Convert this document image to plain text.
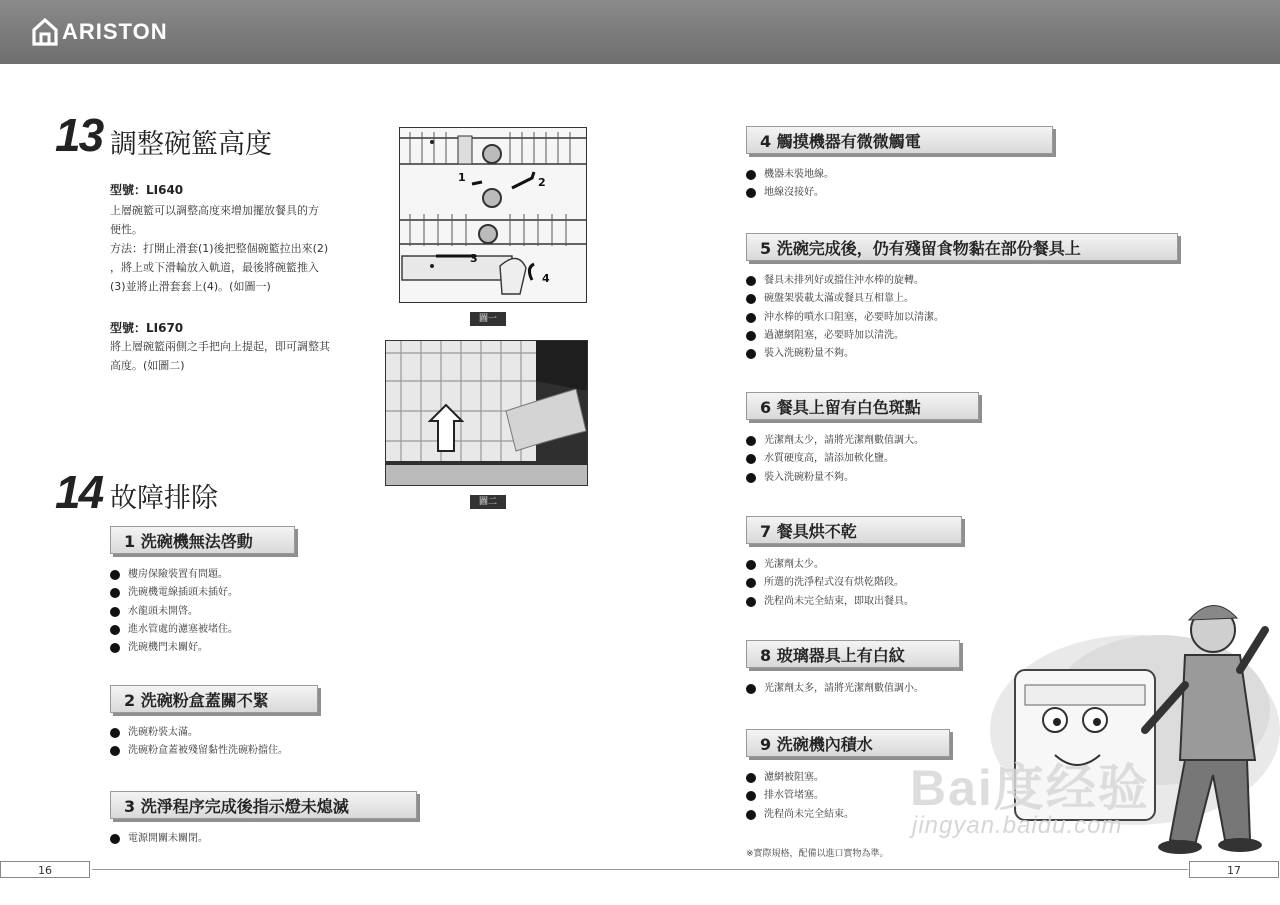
ARISTON
13 調整碗籃高度
型號：LI640
上層碗籃可以調整高度來增加擺放餐具的方
便性。
方法：打開止滑套(1)後把整個碗籃拉出來(2)
，將上或下滑輪放入軌道，最後將碗籃推入
(3)並將止滑套套上(4)。(如圖一)
型號：LI670
將上層碗籃兩側之手把向上提起，即可調整其
高度。(如圖二)
1	2
3
4
圖一
圖二
14 故障排除
1 洗碗機無法啓動
樓房保險裝置有問題。
洗碗機電線插頭未插好。
水龍頭未開啓。
進水管處的濾塞被堵住。
洗碗機門未關好。
2 洗碗粉盒蓋關不緊
洗碗粉裝太滿。
洗碗粉盒蓋被殘留黏性洗碗粉擋住。
3 洗淨程序完成後指示燈未熄滅
電源開關未關閉。
4 觸摸機器有微微觸電
機器未裝地線。
地線沒接好。
5 洗碗完成後，仍有殘留食物黏在部份餐具上
餐具未排列好或擋住沖水棒的旋轉。
碗盤架裝載太滿或餐具互相靠上。
沖水棒的噴水口阻塞，必要時加以清潔。
過濾網阻塞，必要時加以清洗。
裝入洗碗粉量不夠。
6 餐具上留有白色斑點
光潔劑太少，請將光潔劑數值調大。
水質硬度高，請添加軟化鹽。
裝入洗碗粉量不夠。
7 餐具烘不乾
光潔劑太少。
所選的洗淨程式沒有烘乾階段。
洗程尚未完全結束，即取出餐具。
8 玻璃器具上有白紋
光潔劑太多，請將光潔劑數值調小。
9 洗碗機內積水
濾網被阻塞。
排水管堵塞。
洗程尚未完全結束。 Bai度经验
jingyan.baidu.com
※實際規格，配備以進口實物為準。
16	17
